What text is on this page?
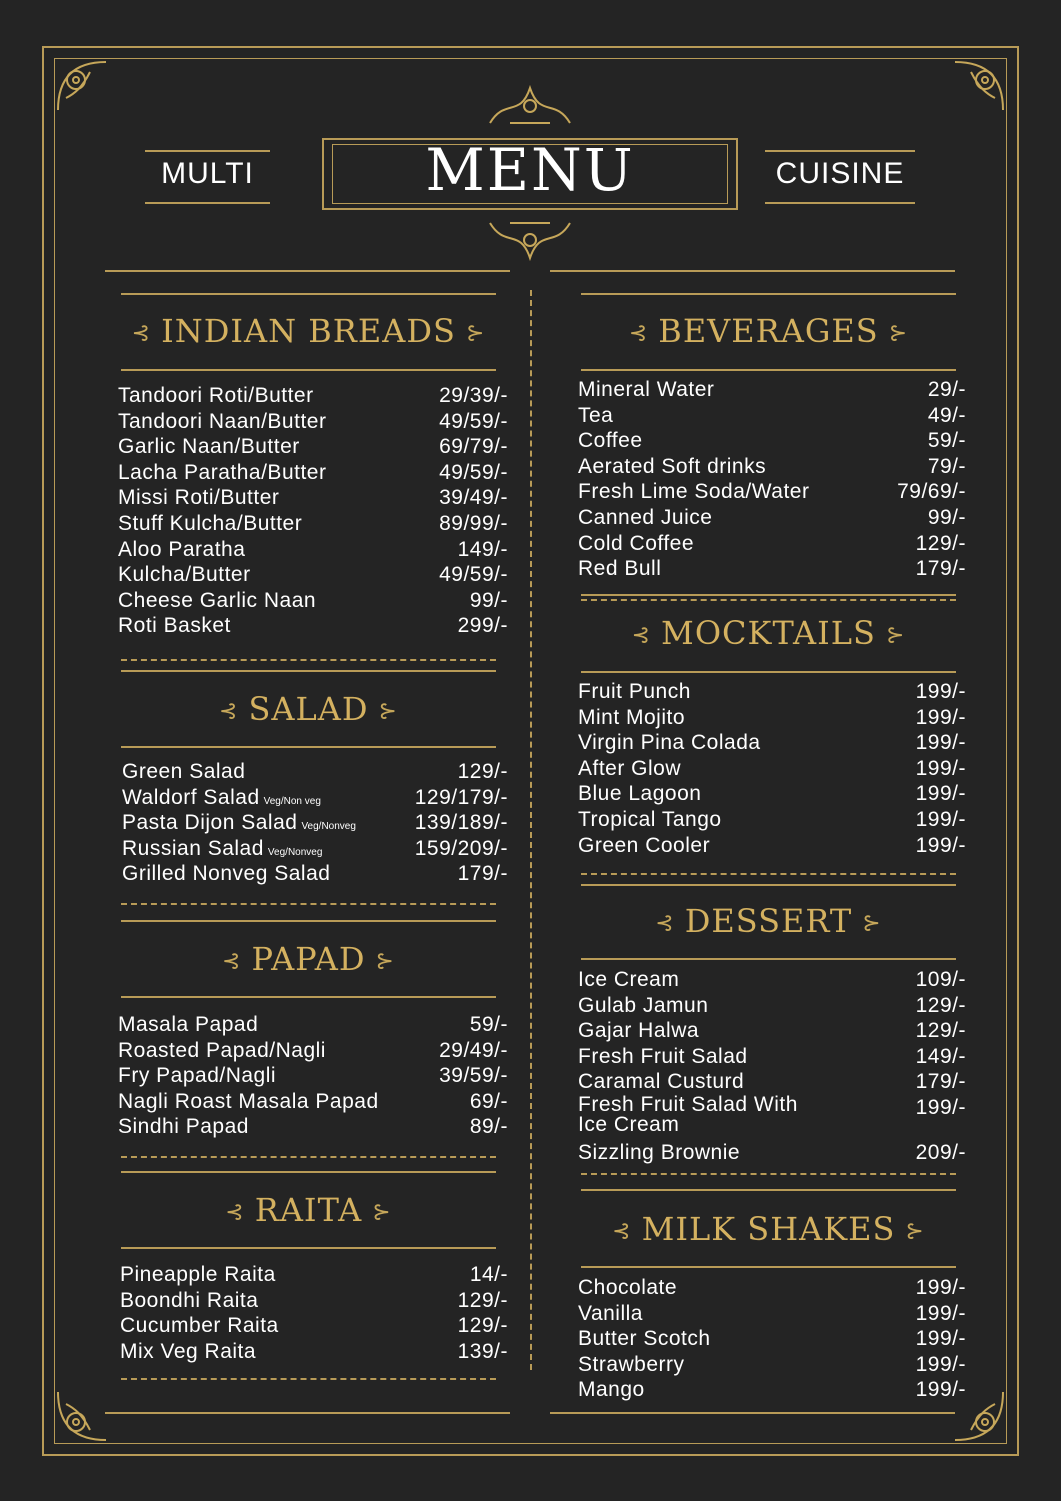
MULTI	CUISINE
MENU
⊰ INDIAN BREADS ⊱
Tandoori Roti/Butter	29/39/-
Tandoori Naan/Butter	49/59/-
Garlic Naan/Butter	69/79/-
Lacha Paratha/Butter	49/59/-
Missi Roti/Butter	39/49/-
Stuff Kulcha/Butter	89/99/-
Aloo Paratha	149/-
Kulcha/Butter	49/59/-
Cheese Garlic Naan	99/-
Roti Basket	299/-
⊰ SALAD ⊱
Green Salad	129/-
Waldorf Salad Veg/Non veg	129/179/-
Pasta Dijon Salad Veg/Nonveg	139/189/-
Russian Salad Veg/Nonveg	159/209/-
Grilled Nonveg Salad	179/-
⊰ PAPAD ⊱
Masala Papad	59/-
Roasted Papad/Nagli	29/49/-
Fry Papad/Nagli	39/59/-
Nagli Roast Masala Papad	69/-
Sindhi Papad	89/-
⊰ RAITA ⊱
Pineapple Raita	14/-
Boondhi Raita	129/-
Cucumber Raita	129/-
Mix Veg Raita	139/-
⊰ BEVERAGES ⊱
Mineral Water	29/-
Tea	49/-
Coffee	59/-
Aerated Soft drinks	79/-
Fresh Lime Soda/Water	79/69/-
Canned Juice	99/-
Cold Coffee	129/-
Red Bull	179/-
⊰ MOCKTAILS ⊱
Fruit Punch	199/-
Mint Mojito	199/-
Virgin Pina Colada	199/-
After Glow	199/-
Blue Lagoon	199/-
Tropical Tango	199/-
Green Cooler	199/-
⊰ DESSERT ⊱
Ice Cream	109/-
Gulab Jamun	129/-
Gajar Halwa	129/-
Fresh Fruit Salad	149/-
Caramal Custurd	179/-
Fresh Fruit Salad With
Ice Cream
199/-
Sizzling Brownie	209/-
⊰ MILK SHAKES ⊱
Chocolate	199/-
Vanilla	199/-
Butter Scotch	199/-
Strawberry	199/-
Mango	199/-
